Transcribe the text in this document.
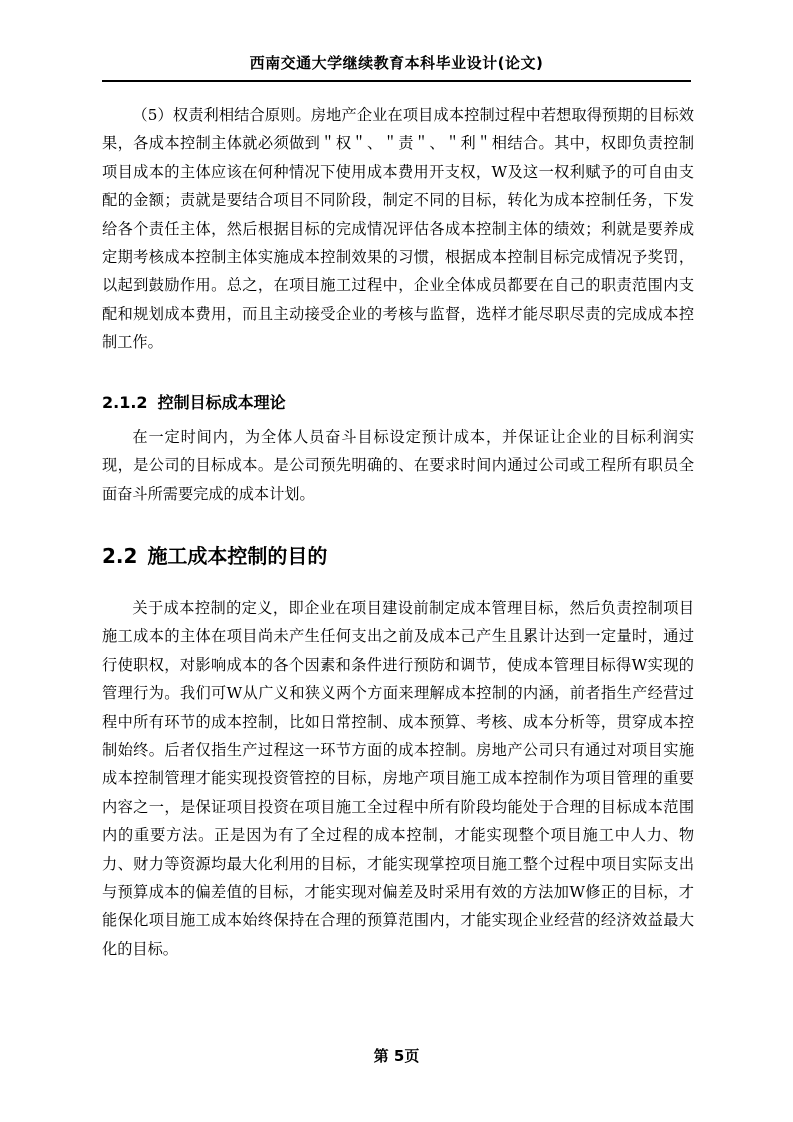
西南交通大学继续教育本科毕业设计(论文)

（5）权责利相结合原则。房地产企业在项目成本控制过程中若想取得预期的目标效果，各成本控制主体就必须做到＂权＂、＂责＂、＂利＂相结合。其中，权即负责控制项目成本的主体应该在何种情况下使用成本费用开支权，W及这一权利赋予的可自由支配的金额；责就是要结合项目不同阶段，制定不同的目标，转化为成本控制任务，下发给各个责任主体，然后根据目标的完成情况评估各成本控制主体的绩效；利就是要养成定期考核成本控制主体实施成本控制效果的习惯，根据成本控制目标完成情况予奖罚，以起到鼓励作用。总之，在项目施工过程中，企业全体成员都要在自己的职责范围内支配和规划成本费用，而且主动接受企业的考核与监督，选样才能尽职尽责的完成成本控制工作。

2.1.2 控制目标成本理论

在一定时间内，为全体人员奋斗目标设定预计成本，并保证让企业的目标利润实现，是公司的目标成本。是公司预先明确的、在要求时间内通过公司或工程所有职员全面奋斗所需要完成的成本计划。

2.2 施工成本控制的目的

关于成本控制的定义，即企业在项目建设前制定成本管理目标，然后负责控制项目施工成本的主体在项目尚未产生任何支出之前及成本己产生且累计达到一定量时，通过行使职权，对影响成本的各个因素和条件进行预防和调节，使成本管理目标得W实现的管理行为。我们可W从广义和狭义两个方面来理解成本控制的内涵，前者指生产经营过程中所有环节的成本控制，比如日常控制、成本预算、考核、成本分析等，贯穿成本控制始终。后者仅指生产过程这一环节方面的成本控制。房地产公司只有通过对项目实施成本控制管理才能实现投资管控的目标，房地产项目施工成本控制作为项目管理的重要内容之一，是保证项目投资在项目施工全过程中所有阶段均能处于合理的目标成本范围内的重要方法。正是因为有了全过程的成本控制，才能实现整个项目施工中人力、物力、财力等资源均最大化利用的目标，才能实现掌控项目施工整个过程中项目实际支出与预算成本的偏差值的目标，才能实现对偏差及时采用有效的方法加W修正的目标，才能保化项目施工成本始终保持在合理的预算范围内，才能实现企业经营的经济效益最大化的目标。

第 5页
